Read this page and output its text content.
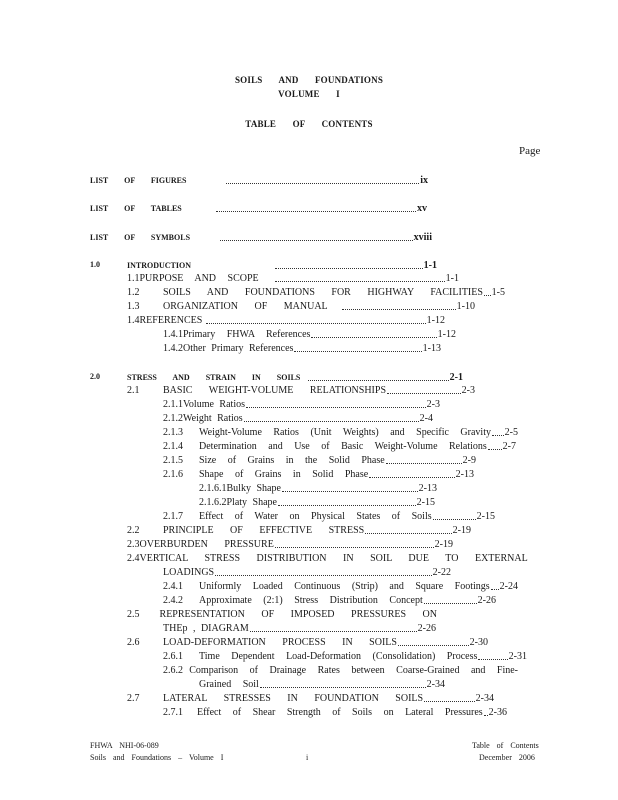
SOILS AND FOUNDATIONS
VOLUME I
TABLE OF CONTENTS
Page
LIST OF FIGURES	ix
LIST OF TABLES	xv
LIST OF SYMBOLS	xviii
1.0	INTRODUCTION	1-1
1.1 PURPOSE AND SCOPE	1-1
1.2	SOILS AND FOUNDATIONS FOR HIGHWAY FACILITIES 1-5
1.3	ORGANIZATION OF MANUAL	1-10
1.4 REFERENCES	1-12
1.4.1 Primary FHWA References	1-12
1.4.2 Other Primary References	1-13
2.0	STRESS AND STRAIN IN SOILS	2-1
2.1	BASIC WEIGHT-VOLUME RELATIONSHIPS	2-3
2.1.1 Volume Ratios	2-3
2.1.2 Weight Ratios	2-4
2.1.3	Weight-Volume Ratios (Unit Weights) and Specific Gravity 2-5
2.1.4	Determination and Use of Basic Weight-Volume Relations 2-7
2.1.5	Size of Grains in the Solid Phase	2-9
2.1.6	Shape of Grains in Solid Phase	2-13
2.1.6.1 Bulky Shape	2-13
2.1.6.2 Platy Shape	2-15
2.1.7	Effect of Water on Physical States of Soils	2-15
2.2	PRINCIPLE OF EFFECTIVE STRESS	2-19
2.3 OVERBURDEN PRESSURE	2-19
2.4 VERTICAL STRESS DISTRIBUTION IN SOIL DUE TO EXTERNAL
LOADINGS	2-22
2.4.1	Uniformly Loaded Continuous (Strip) and Square Footings 2-24
2.4.2	Approximate (2:1) Stress Distribution Concept	2-26
2.5	REPRESENTATION OF IMPOSED PRESSURES ON
THEp , DIAGRAM	2-26
2.6	LOAD-DEFORMATION PROCESS IN SOILS	2-30
2.6.1	Time Dependent Load-Deformation (Consolidation) Process	2-31
2.6.2 Comparison of Drainage Rates between Coarse-Grained and Fine-
Grained Soil	2-34
2.7	LATERAL STRESSES IN FOUNDATION SOILS	2-34
2.7.1	Effect of Shear Strength of Soils on Lateral Pressures 2-36
FHWA NHI-06-089
Soils and Foundations – Volume I	i
Table of Contents
December 2006
